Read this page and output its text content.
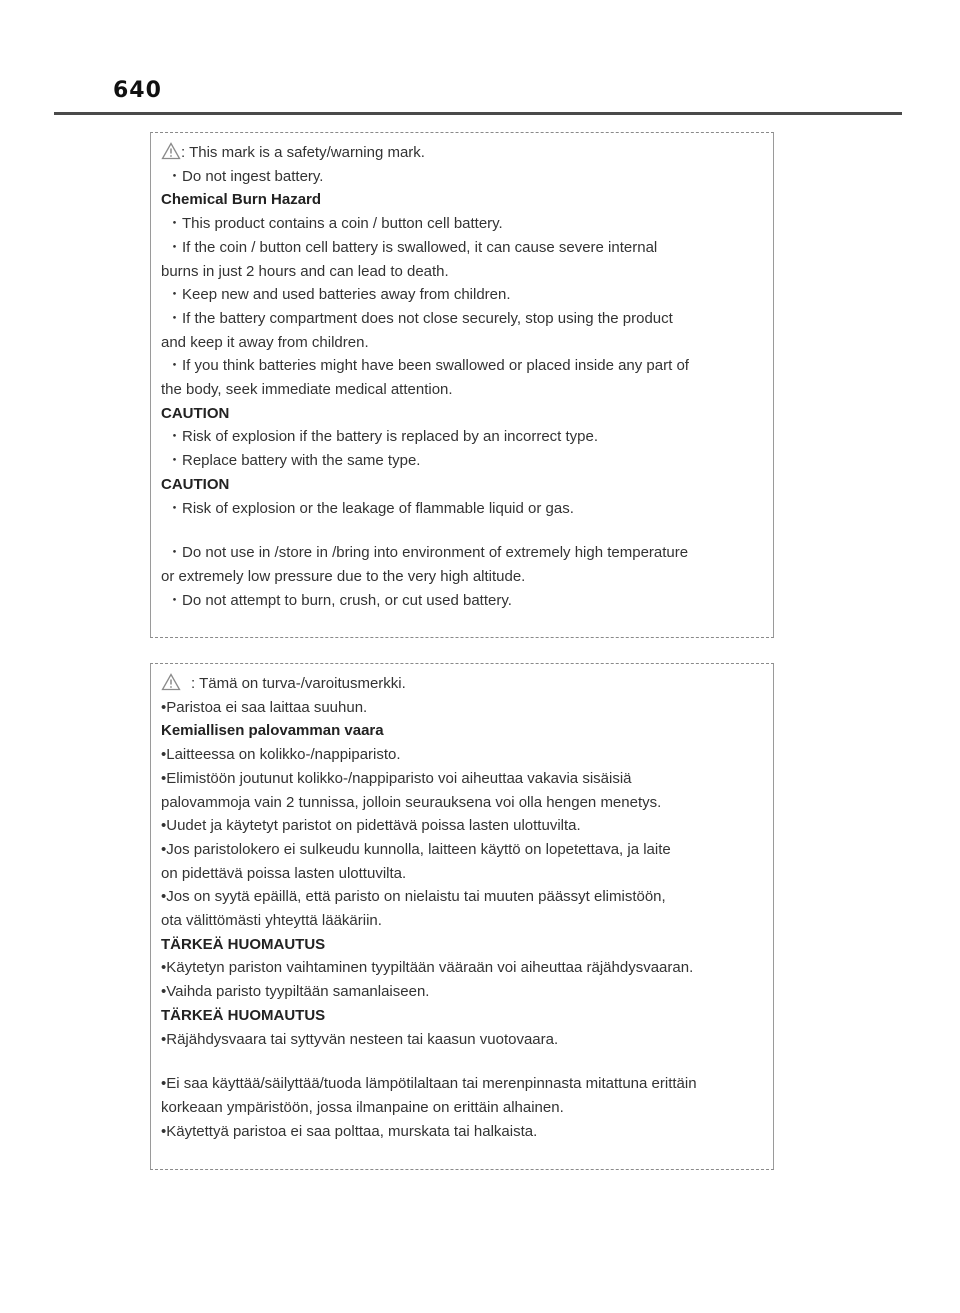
640
: This mark is a safety/warning mark.
・Do not ingest battery.
Chemical Burn Hazard
・This product contains a coin / button cell battery.
・If the coin / button cell battery is swallowed, it can cause severe internal
burns in just 2 hours and can lead to death.
・Keep new and used batteries away from children.
・If the battery compartment does not close securely, stop using the product
and keep it away from children.
・If you think batteries might have been swallowed or placed inside any part of
the body, seek immediate medical attention.
CAUTION
・Risk of explosion if the battery is replaced by an incorrect type.
・Replace battery with the same type.
CAUTION
・Risk of explosion or the leakage of flammable liquid or gas.
・Do not use in /store in /bring into environment of extremely high temperature
or extremely low pressure due to the very high altitude.
・Do not attempt to burn, crush, or cut used battery.
: Tämä on turva-/varoitusmerkki.
•Paristoa ei saa laittaa suuhun.
Kemiallisen palovamman vaara
•Laitteessa on kolikko-/nappiparisto.
•Elimistöön joutunut kolikko-/nappiparisto voi aiheuttaa vakavia sisäisiä
palovammoja vain 2 tunnissa, jolloin seurauksena voi olla hengen menetys.
•Uudet ja käytetyt paristot on pidettävä poissa lasten ulottuvilta.
•Jos paristolokero ei sulkeudu kunnolla, laitteen käyttö on lopetettava, ja laite
on pidettävä poissa lasten ulottuvilta.
•Jos on syytä epäillä, että paristo on nielaistu tai muuten päässyt elimistöön,
ota välittömästi yhteyttä lääkäriin.
TÄRKEÄ HUOMAUTUS
•Käytetyn pariston vaihtaminen tyypiltään vääraän voi aiheuttaa räjähdysvaaran.
•Vaihda paristo tyypiltään samanlaiseen.
TÄRKEÄ HUOMAUTUS
•Räjähdysvaara tai syttyvän nesteen tai kaasun vuotovaara.
•Ei saa käyttää/säilyttää/tuoda lämpötilaltaan tai merenpinnasta mitattuna erittäin
korkeaan ympäristöön, jossa ilmanpaine on erittäin alhainen.
•Käytettyä paristoa ei saa polttaa, murskata tai halkaista.
